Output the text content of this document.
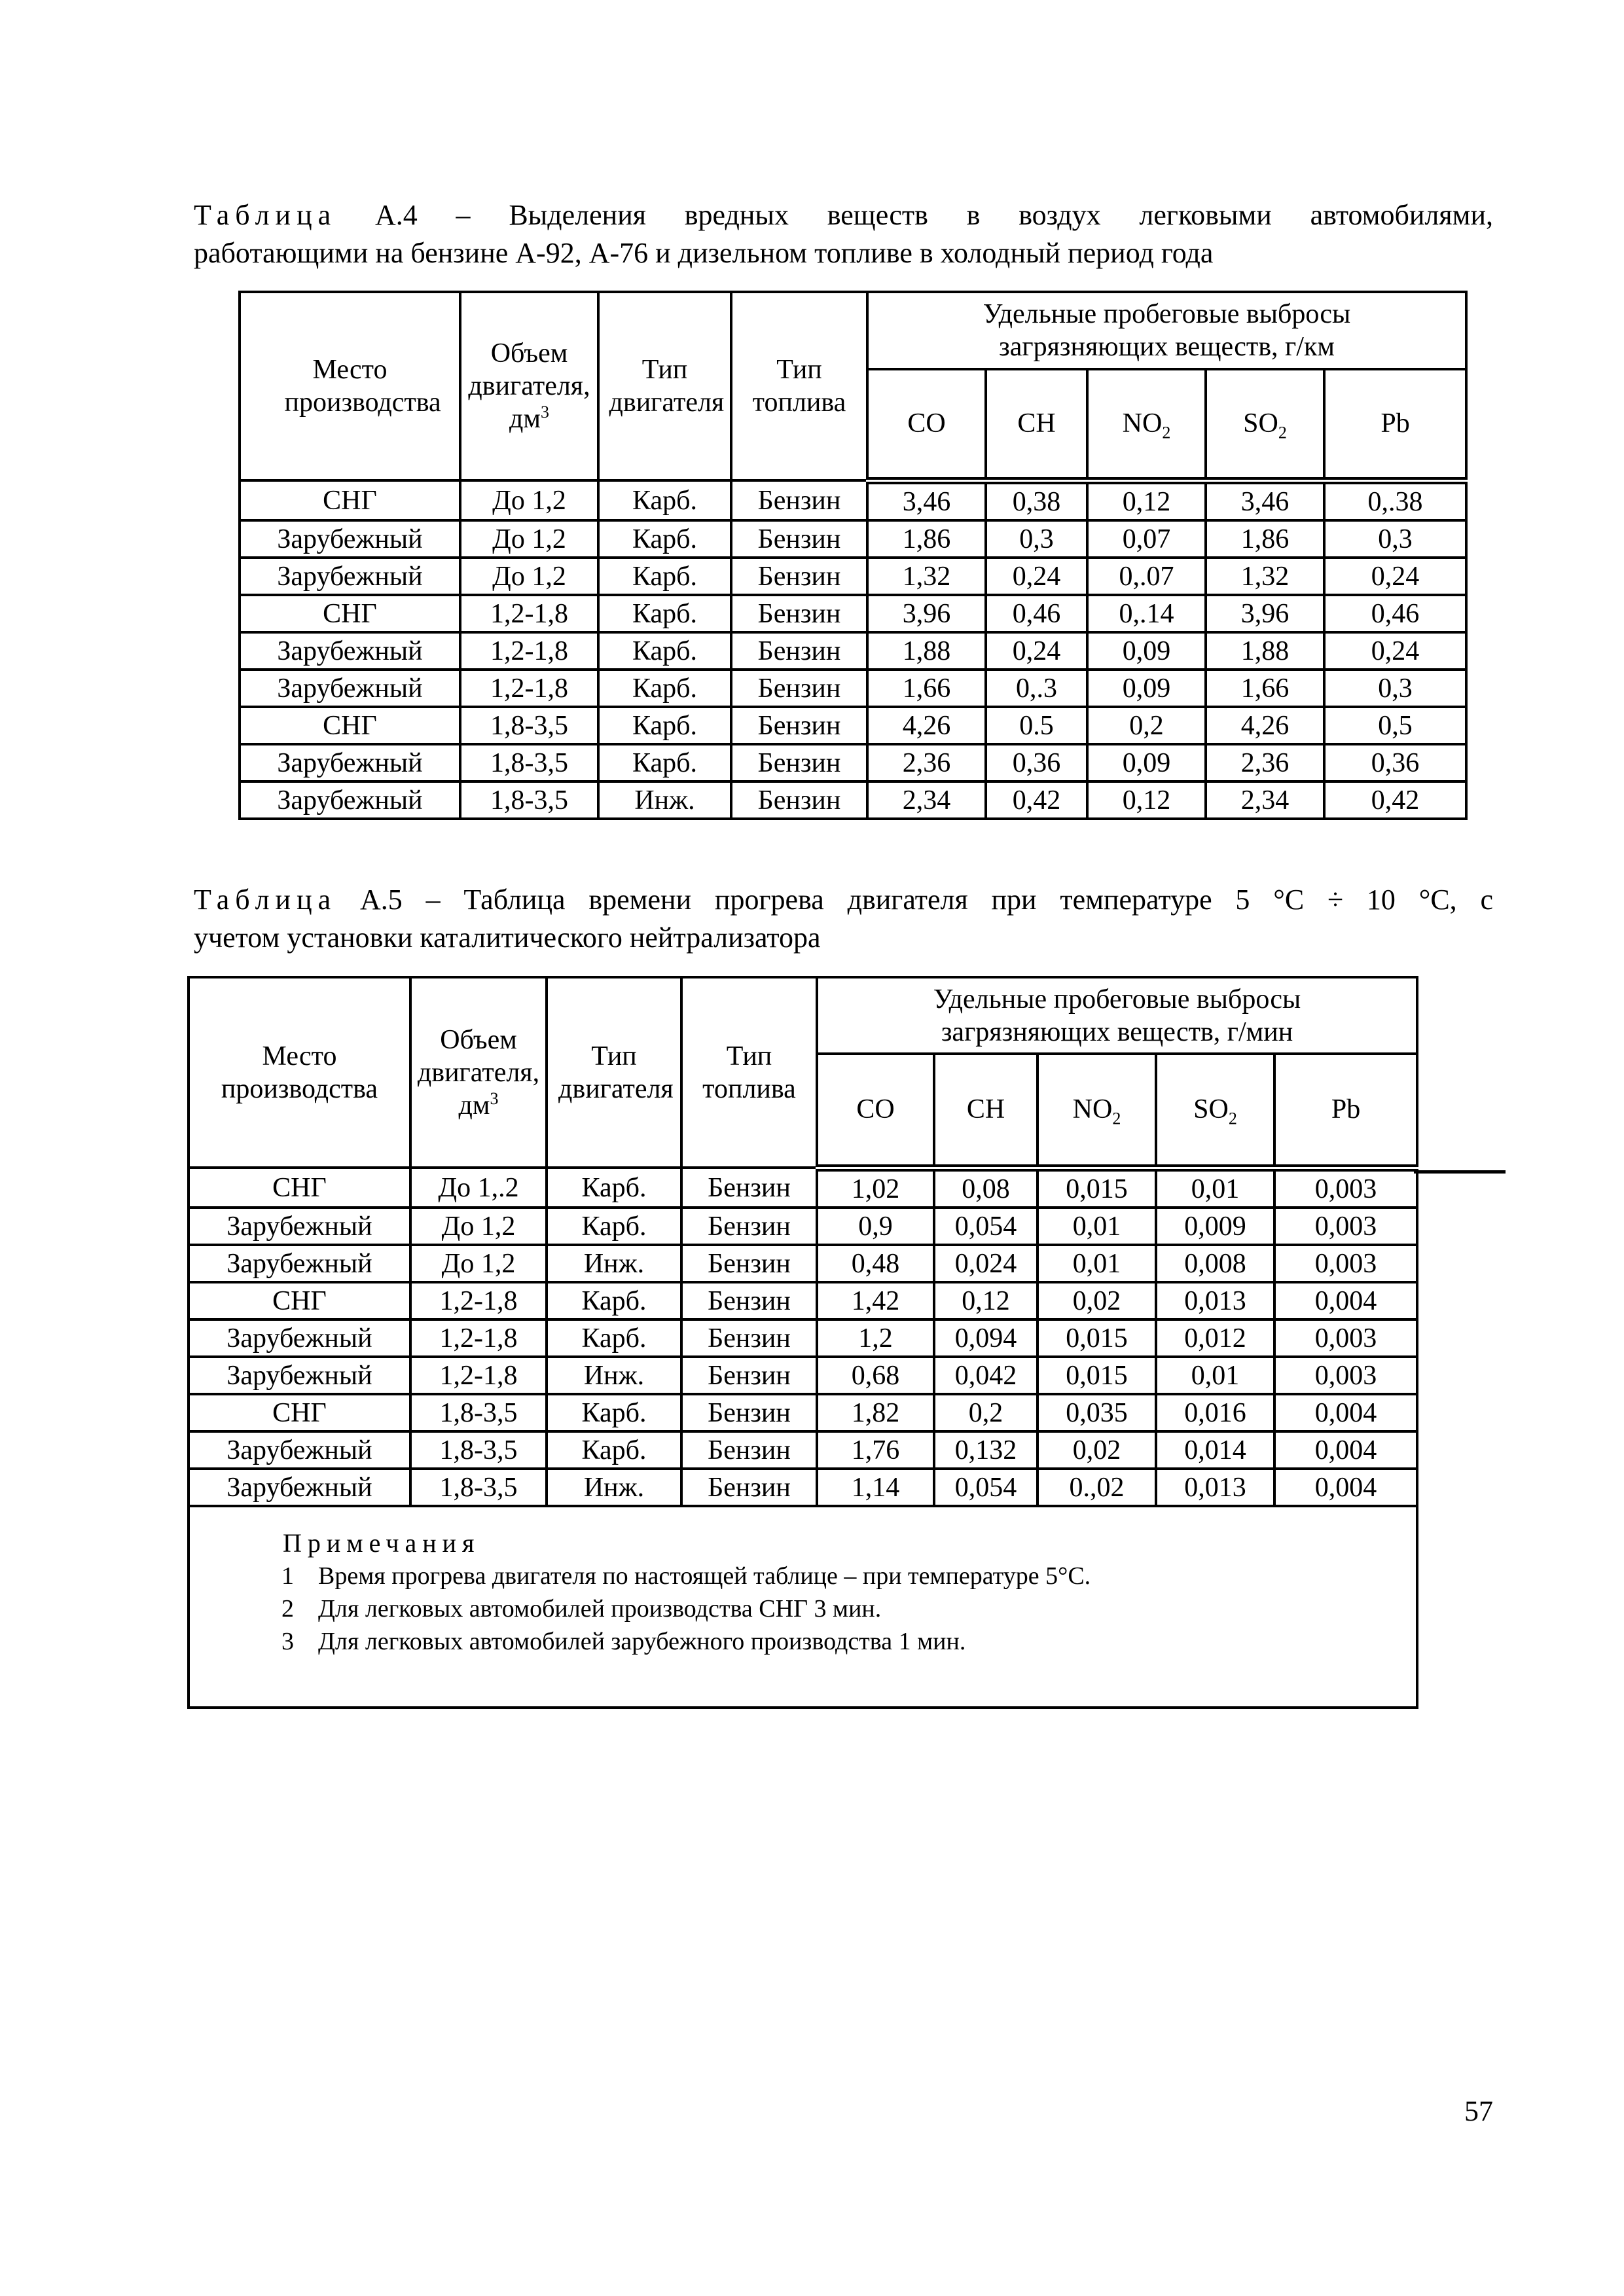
Таблица А.4 – Выделения вредных веществ в воздух легковыми автомобилями,
работающими на бензине А-92, А-76 и дизельном топливе в холодный период года
Место производства	Объем
двигателя,
$дм^3$	Тип двигателя	Тип топлива	Удельные пробеговые выбросы
загрязняющих веществ, г/км				
				CO	CH	$NO_2$	$SO_2$	Pb
СНГ	До 1,2	Карб.	Бензин	3,46	0,38	0,12	3,46	0,.38
Зарубежный	До 1,2	Карб.	Бензин	1,86	0,3	0,07	1,86	0,3
Зарубежный	До 1,2	Карб.	Бензин	1,32	0,24	0,.07	1,32	0,24
СНГ	1,2-1,8	Карб.	Бензин	3,96	0,46	0,.14	3,96	0,46
Зарубежный	1,2-1,8	Карб.	Бензин	1,88	0,24	0,09	1,88	0,24
Зарубежный	1,2-1,8	Карб.	Бензин	1,66	0,.3	0,09	1,66	0,3
СНГ	1,8-3,5	Карб.	Бензин	4,26	0.5	0,2	4,26	0,5
Зарубежный	1,8-3,5	Карб.	Бензин	2,36	0,36	0,09	2,36	0,36
Зарубежный	1,8-3,5	Инж.	Бензин	2,34	0,42	0,12	2,34	0,42
Таблица А.5 – Таблица времени прогрева двигателя при температуре 5 °С ÷ 10 °С, с
учетом установки каталитического нейтрализатора
Место производства	Объем
двигателя,
$дм^3$	Тип двигателя	Тип топлива	Удельные пробеговые выбросы
загрязняющих веществ, г/мин				
				CO	CH	$NO_2$	$SO_2$	Pb
СНГ	До 1,.2	Карб.	Бензин	1,02	0,08	0,015	0,01	0,003
Зарубежный	До 1,2	Карб.	Бензин	0,9	0,054	0,01	0,009	0,003
Зарубежный	До 1,2	Инж.	Бензин	0,48	0,024	0,01	0,008	0,003
СНГ	1,2-1,8	Карб.	Бензин	1,42	0,12	0,02	0,013	0,004
Зарубежный	1,2-1,8	Карб.	Бензин	1,2	0,094	0,015	0,012	0,003
Зарубежный	1,2-1,8	Инж.	Бензин	0,68	0,042	0,015	0,01	0,003
СНГ	1,8-3,5	Карб.	Бензин	1,82	0,2	0,035	0,016	0,004
Зарубежный	1,8-3,5	Карб.	Бензин	1,76	0,132	0,02	0,014	0,004
Зарубежный	1,8-3,5	Инж.	Бензин	1,14	0,054	0.,02	0,013	0,004

Примечания
1 Время прогрева двигателя по настоящей таблице – при температуре 5°С.
2 Для легковых автомобилей производства СНГ 3 мин.
3 Для легковых автомобилей зарубежного производства 1 мин.								
57
